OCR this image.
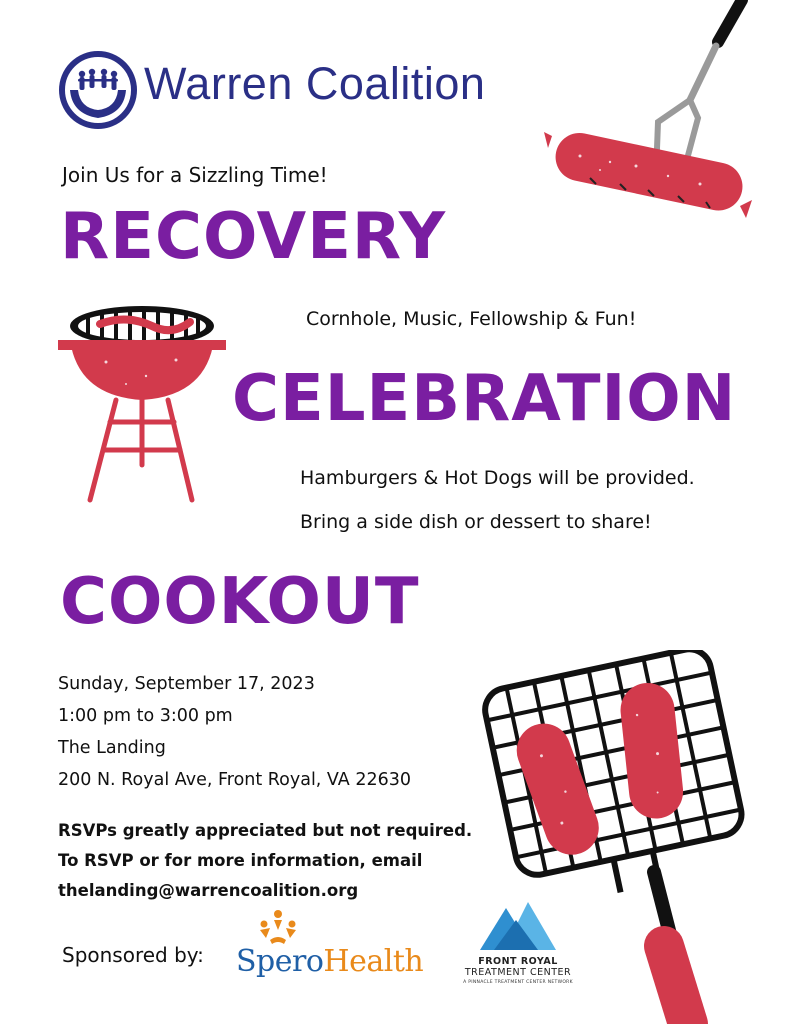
Warren Coalition
Join Us for a Sizzling Time!
RECOVERY
Cornhole, Music, Fellowship & Fun!
CELEBRATION
Hamburgers & Hot Dogs will be provided.
Bring a side dish or dessert to share!
COOKOUT
Sunday, September 17, 2023
1:00 pm to 3:00 pm
The Landing
200 N. Royal Ave, Front Royal, VA 22630
RSVPs greatly appreciated but not required.
To RSVP or for more information, email
thelanding@warrencoalition.org
Sponsored by: SperoHealth	FRONT ROYAL
TREATMENT CENTER
A PINNACLE TREATMENT CENTER NETWORK
